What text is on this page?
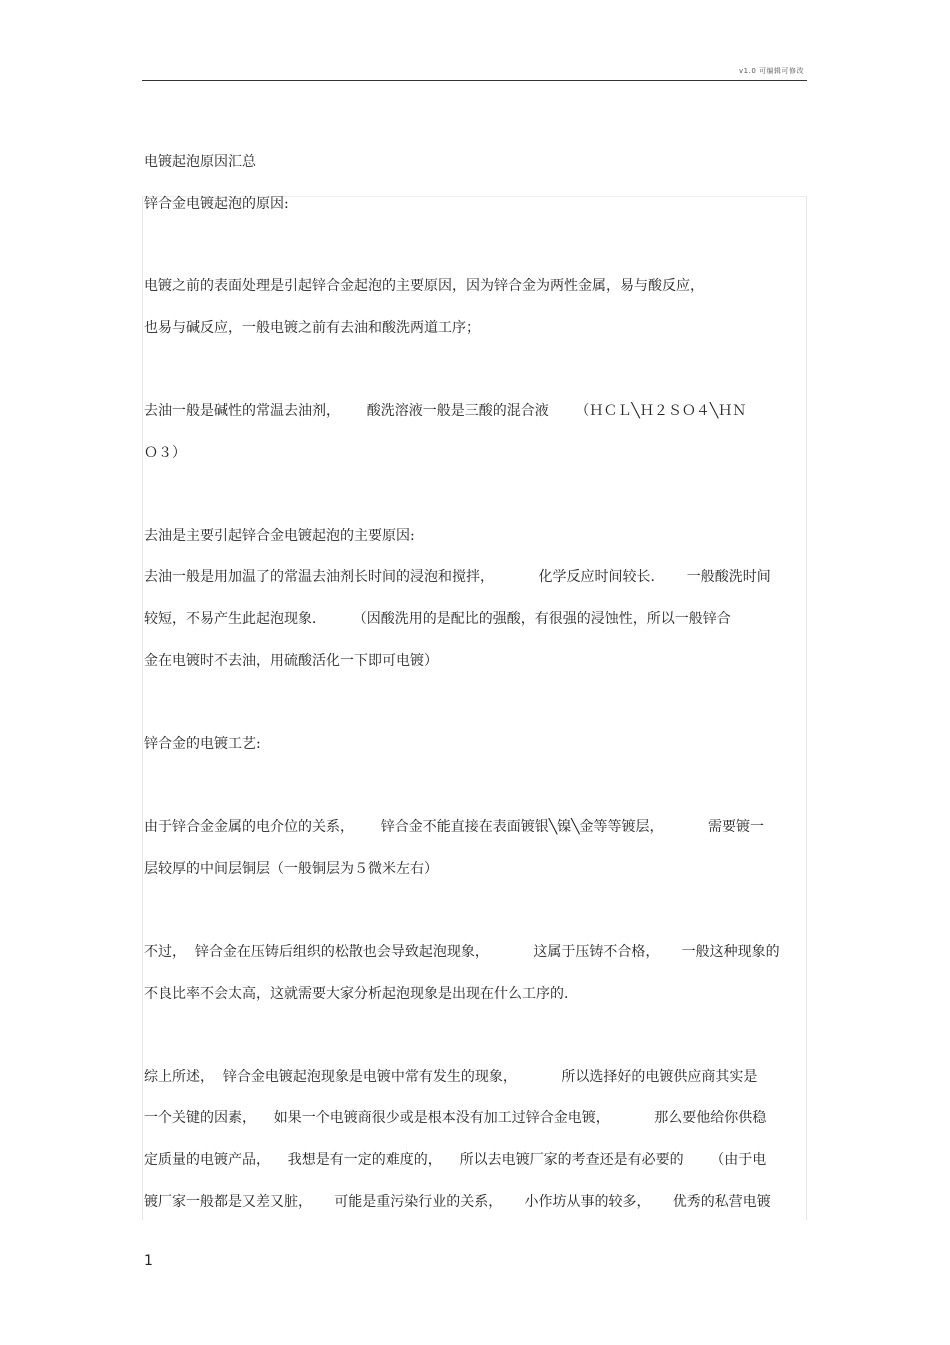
v1.0 可编辑可修改
电镀起泡原因汇总
锌合金电镀起泡的原因:
电镀之前的表面处理是引起锌合金起泡的主要原因，因为锌合金为两性金属，易与酸反应，
也易与碱反应，一般电镀之前有去油和酸洗两道工序；
去油一般是碱性的常温去油剂，      酸洗溶液一般是三酸的混合液      （ＨＣＬ╲Ｈ２ＳＯ４╲ＨＮ
Ｏ３）
去油是主要引起锌合金电镀起泡的主要原因:
去油一般是用加温了的常温去油剂长时间的浸泡和搅拌，          化学反应时间较长．     一般酸洗时间
较短，不易产生此起泡现象．      （因酸洗用的是配比的强酸，有很强的浸蚀性，所以一般锌合
金在电镀时不去油，用硫酸活化一下即可电镀）
锌合金的电镀工艺:
由于锌合金金属的电介位的关系，      锌合金不能直接在表面镀银╲镍╲金等等镀层，          需要镀一
层较厚的中间层铜层（一般铜层为５微米左右）
不过，  锌合金在压铸后组织的松散也会导致起泡现象，          这属于压铸不合格，     一般这种现象的
不良比率不会太高，这就需要大家分析起泡现象是出现在什么工序的.
综上所述，  锌合金电镀起泡现象是电镀中常有发生的现象，          所以选择好的电镀供应商其实是
一个关键的因素，    如果一个电镀商很少或是根本没有加工过锌合金电镀，          那么要他给你供稳
定质量的电镀产品，    我想是有一定的难度的，    所以去电镀厂家的考查还是有必要的      （由于电
镀厂家一般都是又差又脏，     可能是重污染行业的关系，     小作坊从事的较多，     优秀的私营电镀
1
